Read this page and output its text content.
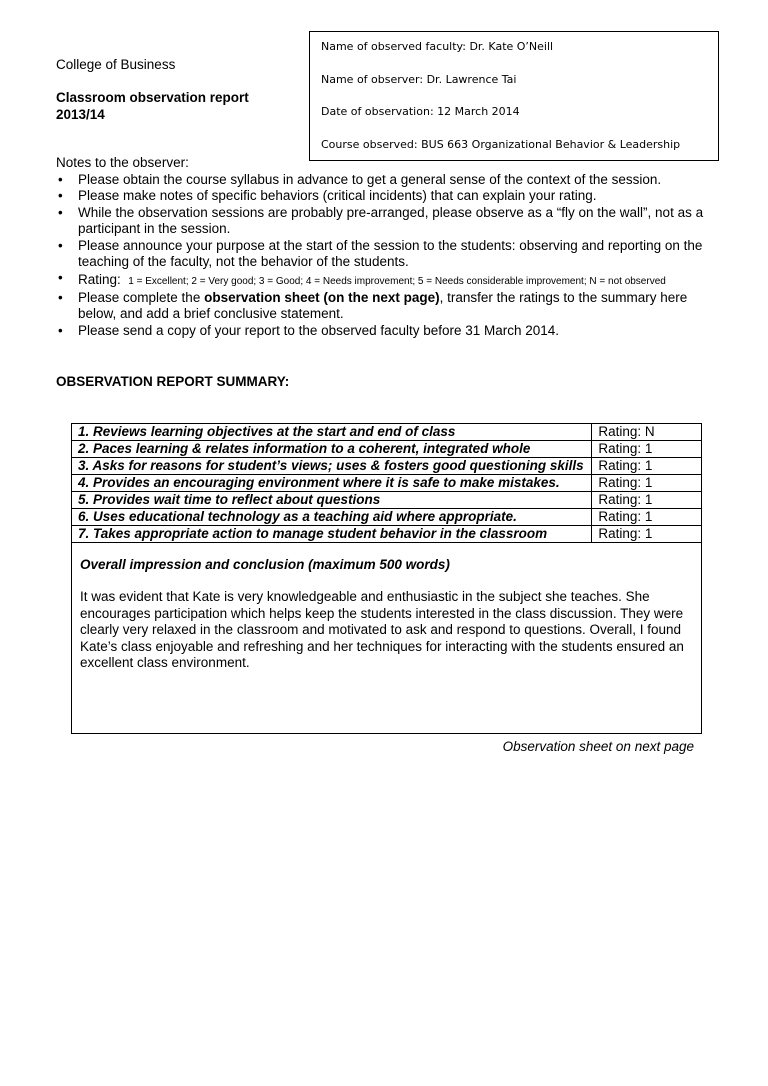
College of Business
Classroom observation report
2013/14
Name of observed faculty: Dr. Kate O’Neill
Name of observer: Dr. Lawrence Tai
Date of observation: 12 March 2014
Course observed: BUS 663 Organizational Behavior & Leadership
Notes to the observer:
• Please obtain the course syllabus in advance to get a general sense of the context of the session.
• Please make notes of specific behaviors (critical incidents) that can explain your rating.
• While the observation sessions are probably pre-arranged, please observe as a “fly on the wall”, not as a participant in the session.
• Please announce your purpose at the start of the session to the students: observing and reporting on the teaching of the faculty, not the behavior of the students.
• Rating: 1 = Excellent; 2 = Very good; 3 = Good; 4 = Needs improvement; 5 = Needs considerable improvement; N = not observed
• Please complete the observation sheet (on the next page), transfer the ratings to the summary here below, and add a brief conclusive statement.
• Please send a copy of your report to the observed faculty before 31 March 2014.
OBSERVATION REPORT SUMMARY:
1. Reviews learning objectives at the start and end of class	Rating: N
2. Paces learning & relates information to a coherent, integrated whole	Rating: 1
3. Asks for reasons for student’s views; uses & fosters good questioning skills	Rating: 1
4. Provides an encouraging environment where it is safe to make mistakes.	Rating: 1
5. Provides wait time to reflect about questions	Rating: 1
6. Uses educational technology as a teaching aid where appropriate.	Rating: 1
7. Takes appropriate action to manage student behavior in the classroom	Rating: 1

Overall impression and conclusion (maximum 500 words)
It was evident that Kate is very knowledgeable and enthusiastic in the subject she teaches. She encourages participation which helps keep the students interested in the class discussion. They were clearly very relaxed in the classroom and motivated to ask and respond to questions. Overall, I found Kate’s class enjoyable and refreshing and her techniques for interacting with the students ensured an excellent class environment.	
Observation sheet on next page
